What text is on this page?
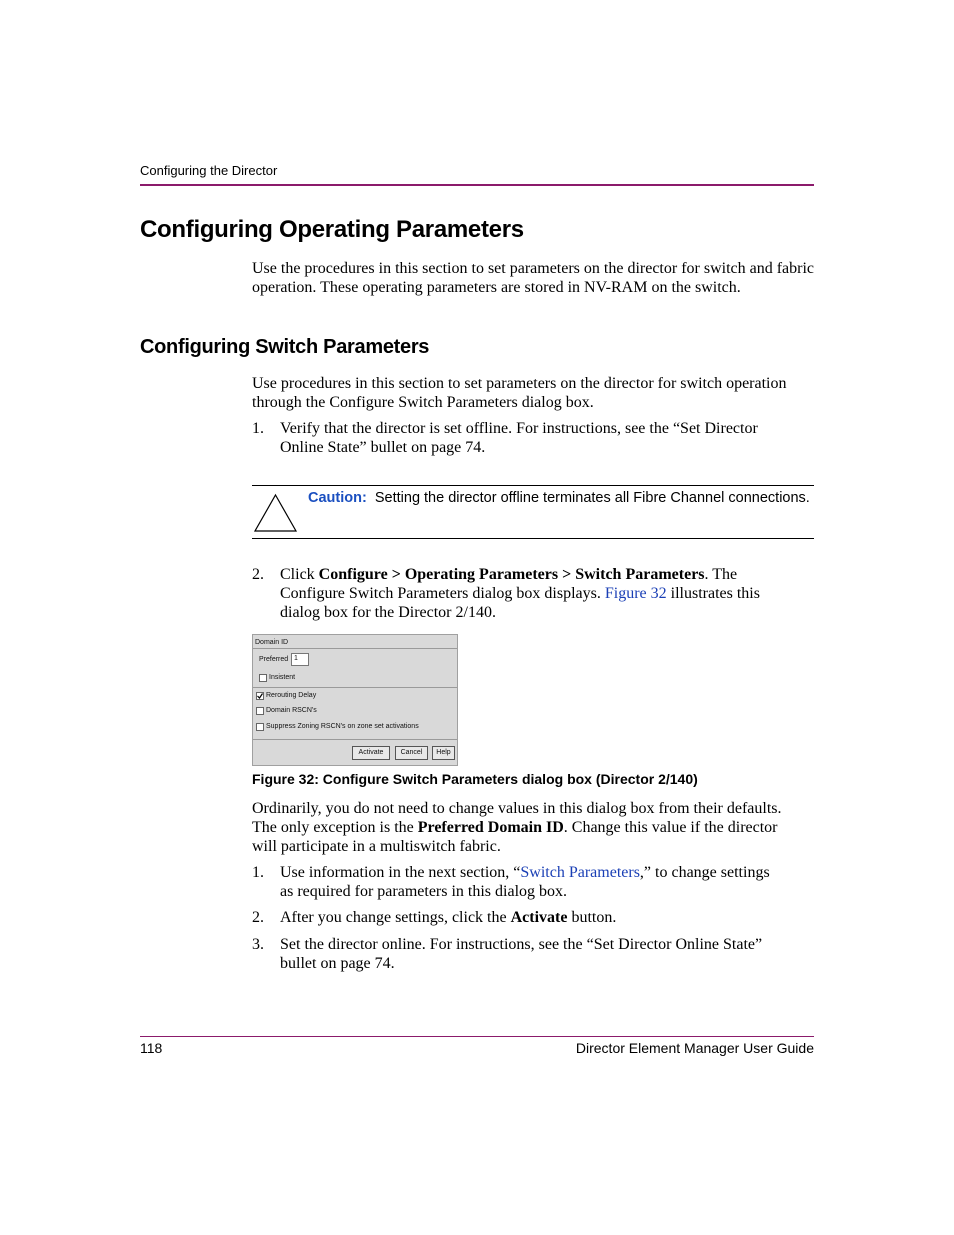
Configuring the Director
Configuring Operating Parameters
Use the procedures in this section to set parameters on the director for switch and fabric operation. These operating parameters are stored in NV-RAM on the switch.
Configuring Switch Parameters
Use procedures in this section to set parameters on the director for switch operation through the Configure Switch Parameters dialog box.
1. Verify that the director is set offline. For instructions, see the “Set Director
Online State” bullet on page 74.
Caution: Setting the director offline terminates all Fibre Channel connections.
2. Click Configure > Operating Parameters > Switch Parameters. The
Configure Switch Parameters dialog box displays. Figure 32 illustrates this
dialog box for the Director 2/140.
Domain ID
Preferred 1
Insistent
Rerouting Delay
Domain RSCN's
Suppress Zoning RSCN's on zone set activations
Activate	Cancel	Help
Figure 32: Configure Switch Parameters dialog box (Director 2/140)
Ordinarily, you do not need to change values in this dialog box from their defaults.
The only exception is the Preferred Domain ID. Change this value if the director
will participate in a multiswitch fabric.
1. Use information in the next section, “Switch Parameters,” to change settings
as required for parameters in this dialog box.
2. After you change settings, click the Activate button.
3. Set the director online. For instructions, see the “Set Director Online State”
bullet on page 74.
118	Director Element Manager User Guide
